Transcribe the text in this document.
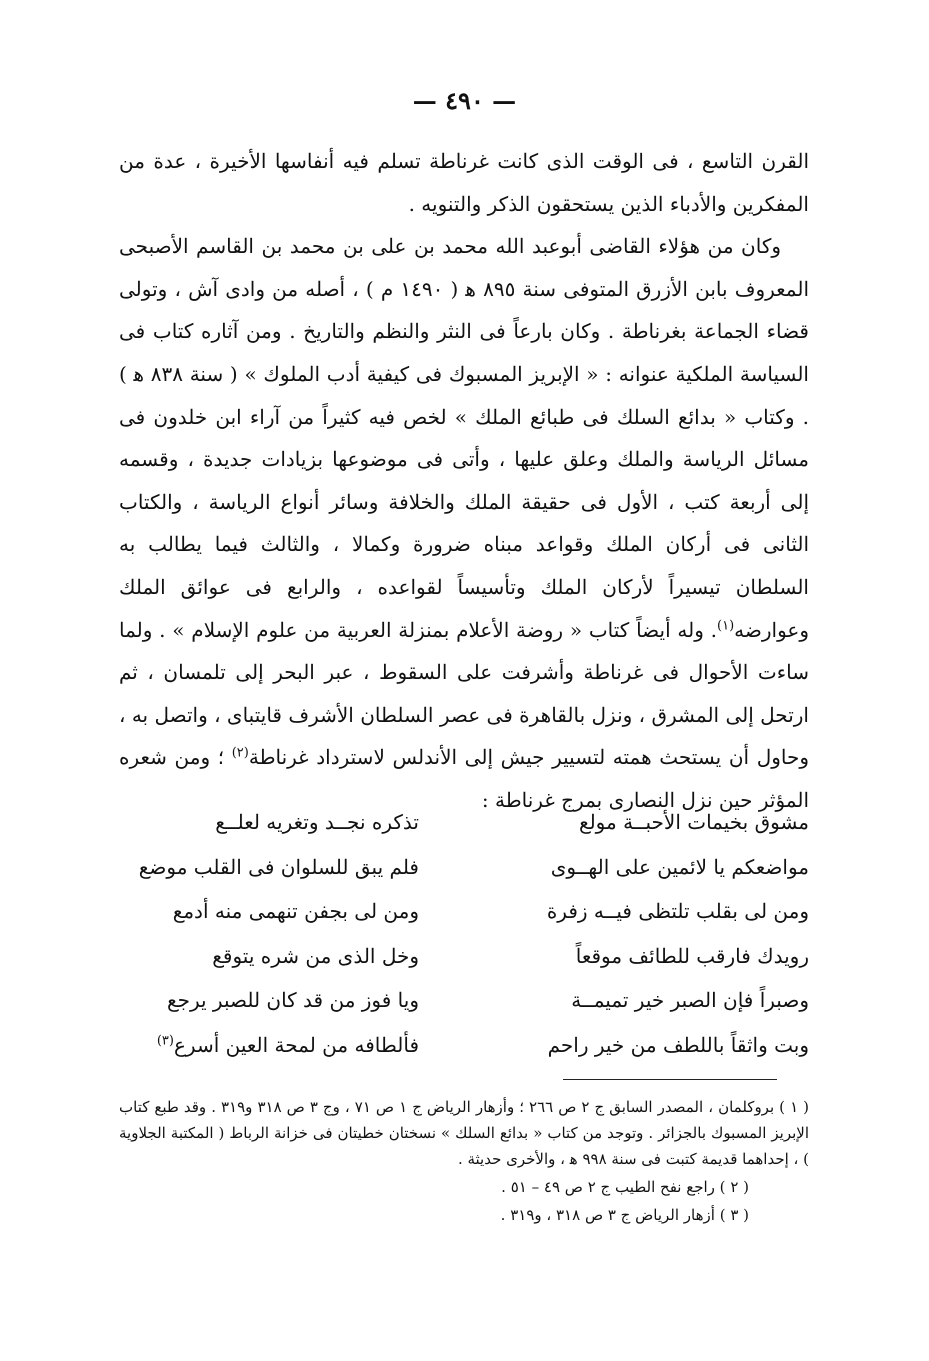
— ٤٩٠ —

القرن التاسع ، فى الوقت الذى كانت غرناطة تسلم فيه أنفاسها الأخيرة ، عدة من المفكرين والأدباء الذين يستحقون الذكر والتنويه .

وكان من هؤلاء القاضى أبوعبد الله محمد بن على بن محمد بن القاسم الأصبحى المعروف بابن الأزرق المتوفى سنة ٨٩٥ ﻫ ( ١٤٩٠ م ) ، أصله من وادى آش ، وتولى قضاء الجماعة بغرناطة . وكان بارعاً فى النثر والنظم والتاريخ . ومن آثاره كتاب فى السياسة الملكية عنوانه : « الإبريز المسبوك فى كيفية أدب الملوك » ( سنة ٨٣٨ ﻫ ) . وكتاب « بدائع السلك فى طبائع الملك » لخص فيه كثيراً من آراء ابن خلدون فى مسائل الرياسة والملك وعلق عليها ، وأتى فى موضوعها بزيادات جديدة ، وقسمه إلى أربعة كتب ، الأول فى حقيقة الملك والخلافة وسائر أنواع الرياسة ، والكتاب الثانى فى أركان الملك وقواعد مبناه ضرورة وكمالا ، والثالث فيما يطالب به السلطان تيسيراً لأركان الملك وتأسيساً لقواعده ، والرابع فى عوائق الملك وعوارضه$^{(١)}$. وله أيضاً كتاب « روضة الأعلام بمنزلة العربية من علوم الإسلام » . ولما ساءت الأحوال فى غرناطة وأشرفت على السقوط ، عبر البحر إلى تلمسان ، ثم ارتحل إلى المشرق ، ونزل بالقاهرة فى عصر السلطان الأشرف قايتباى ، واتصل به ، وحاول أن يستحث همته لتسيير جيش إلى الأندلس لاسترداد غرناطة$^{(٢)}$ ؛ ومن شعره المؤثر حين نزل النصارى بمرج غرناطة :

مشوق بخيمات الأحبــة مولع
تذكره نجــد وتغريه لعلــع
مواضعكم يا لائمين على الهــوى
فلم يبق للسلوان فى القلب موضع
ومن لى بقلب تلتظى فيــه زفرة
ومن لى بجفن تنهمى منه أدمع
رويدك فارقب للطائف موقعاً
وخل الذى من شره يتوقع
وصبراً فإن الصبر خير تميمــة
ويا فوز من قد كان للصبر يرجع
وبت واثقاً باللطف من خير راحم
فألطافه من لمحة العين أسرع$^{(٣)}$

( ١ ) بروكلمان ، المصدر السابق ج ٢ ص ٢٦٦ ؛ وأزهار الرياض ج ١ ص ٧١ ، وج ٣ ص ٣١٨ و٣١٩ . وقد طبع كتاب الإبريز المسبوك بالجزائر . وتوجد من كتاب « بدائع السلك » نسختان خطيتان فى خزانة الرباط ( المكتبة الجلاوية ) ، إحداهما قديمة كتبت فى سنة ٩٩٨ ﻫ ، والأخرى حديثة .

( ٢ ) راجع نفح الطيب ج ٢ ص ٤٩ – ٥١ .

( ٣ ) أزهار الرياض ج ٣ ص ٣١٨ ، و٣١٩ .
